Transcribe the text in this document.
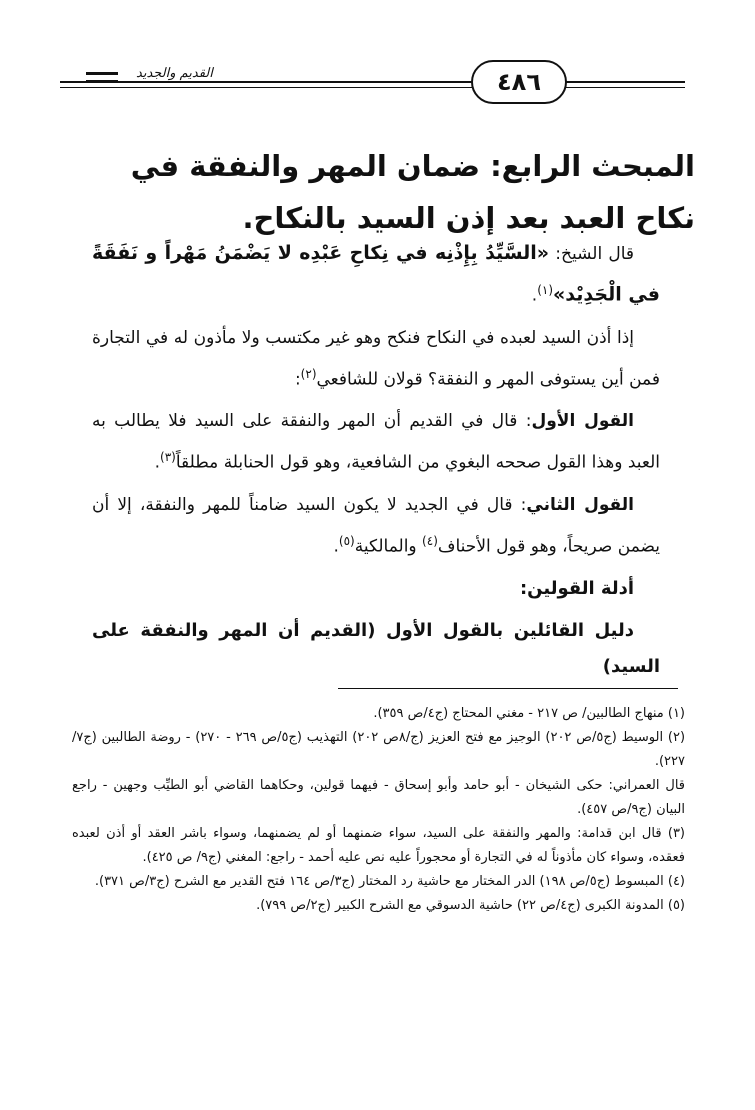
٤٨٦
القديم والجديد
المبحث الرابع: ضمان المهر والنفقة في نكاح العبد بعد إذن السيد بالنكاح.

قال الشيخ: «السَّيِّدُ بِإِذْنِه في نِكاحِ عَبْدِه لا يَضْمَنُ مَهْراً و نَفَقَةً في الْجَدِيْد»$^{(١)}$.

إذا أذن السيد لعبده في النكاح فنكح وهو غير مكتسب ولا مأذون له في التجارة فمن أين يستوفى المهر و النفقة؟ قولان للشافعي$^{(٢)}$:

القول الأول: قال في القديم أن المهر والنفقة على السيد فلا يطالب به العبد وهذا القول صححه البغوي من الشافعية، وهو قول الحنابلة مطلقاً$^{(٣)}$.

القول الثاني: قال في الجديد لا يكون السيد ضامناً للمهر والنفقة، إلا أن يضمن صريحاً، وهو قول الأحناف$^{(٤)}$ والمالكية$^{(٥)}$.

أدلة القولين:

دليل القائلين بالقول الأول (القديم أن المهر والنفقة على السيد)

(١) منهاج الطالبين/ ص ٢١٧ - مغني المحتاج (ج٤/ص ٣٥٩).
(٢) الوسيط (ج٥/ص ٢٠٢) الوجيز مع فتح العزيز (ج/٨ص ٢٠٢) التهذيب (ج٥/ص ٢٦٩ - ٢٧٠) - روضة الطالبين (ج٧/ ٢٢٧).
قال العمراني: حكى الشيخان - أبو حامد وأبو إسحاق - فيهما قولين، وحكاهما القاضي أبو الطيِّب وجهين - راجع البيان (ج٩/ص ٤٥٧).
(٣) قال ابن قدامة: والمهر والنفقة على السيد، سواء ضمنهما أو لم يضمنهما، وسواء باشر العقد أو أذن لعبده فعقده، وسواء كان مأذوناً له في التجارة أو محجوراً عليه نص عليه أحمد - راجع: المغني (ج٩/ ص ٤٢٥).
(٤) المبسوط (ج٥/ص ١٩٨) الدر المختار مع حاشية رد المختار (ج٣/ص ١٦٤ فتح القدير مع الشرح (ج٣/ص ٣٧١).
(٥) المدونة الكبرى (ج٤/ص ٢٢) حاشية الدسوقي مع الشرح الكبير (ج٢/ص ٧٩٩).
